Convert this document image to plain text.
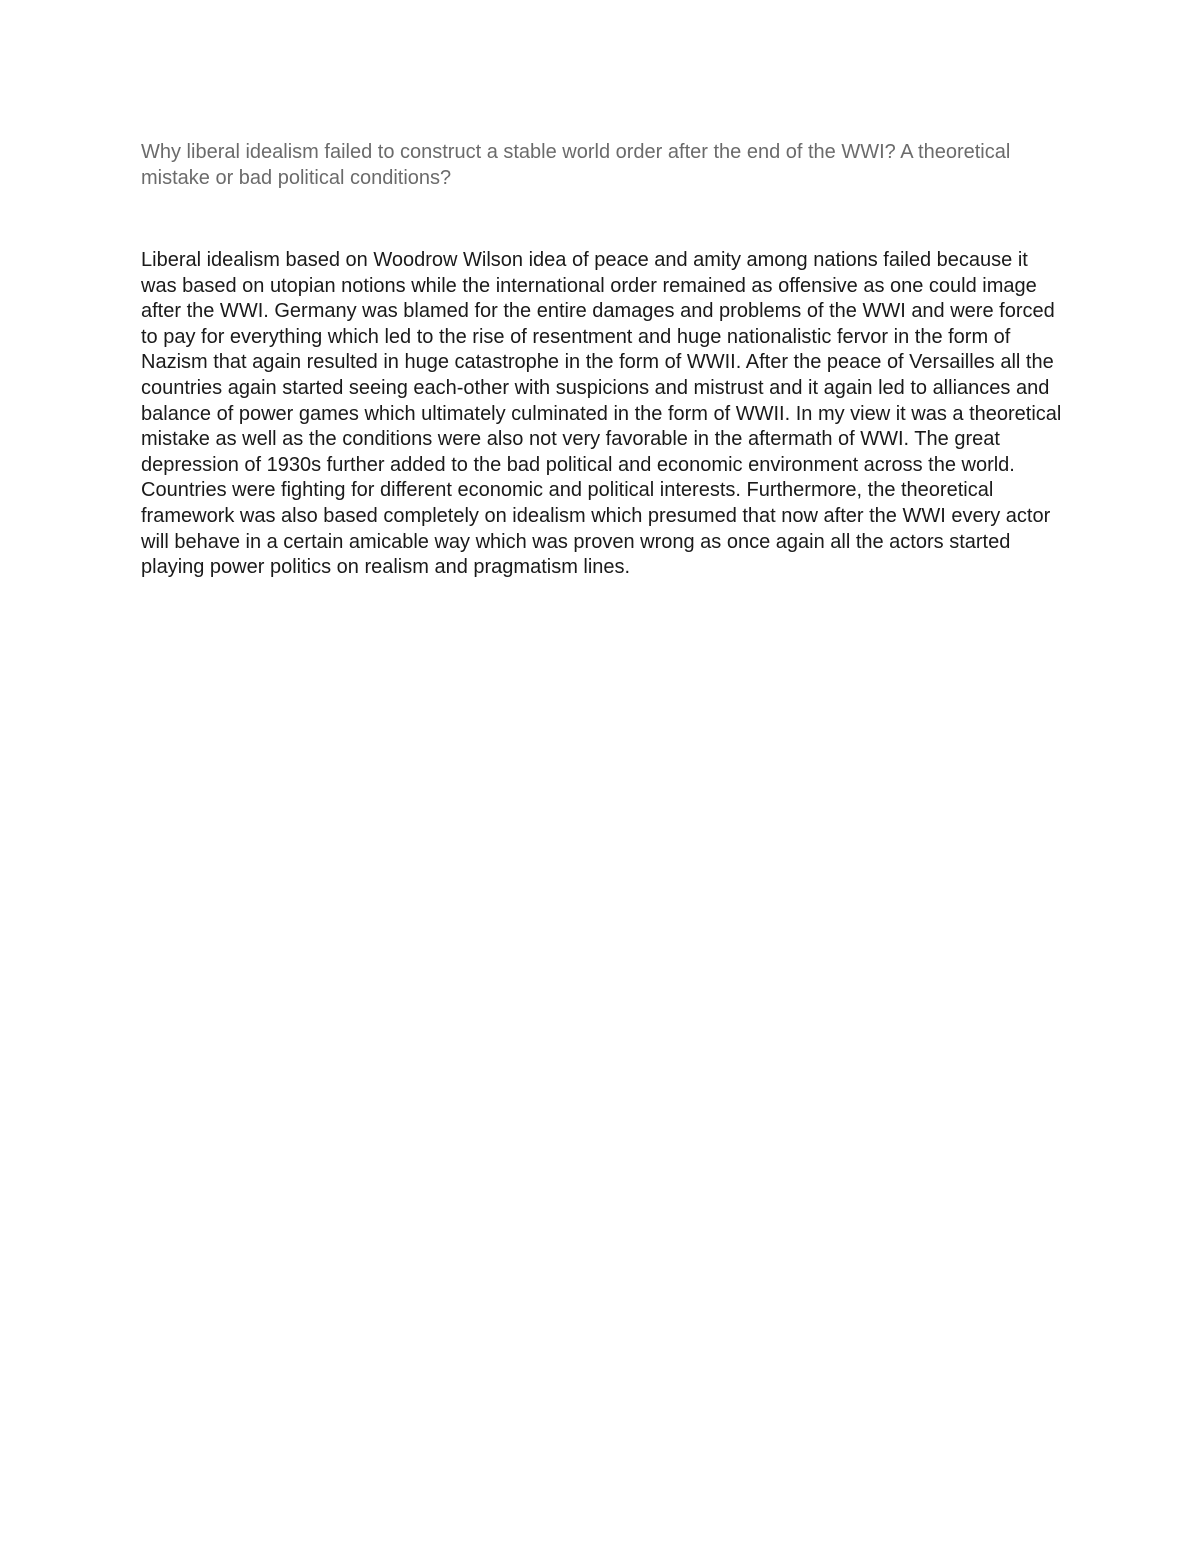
Why liberal idealism failed to construct a stable world order after the end of the WWI? A theoretical mistake or bad political conditions?

Liberal idealism based on Woodrow Wilson idea of peace and amity among nations failed because it was based on utopian notions while the international order remained as offensive as one could image after the WWI. Germany was blamed for the entire damages and problems of the WWI and were forced to pay for everything which led to the rise of resentment and huge nationalistic fervor in the form of Nazism that again resulted in huge catastrophe in the form of WWII. After the peace of Versailles all the countries again started seeing each-other with suspicions and mistrust and it again led to alliances and balance of power games which ultimately culminated in the form of WWII. In my view it was a theoretical mistake as well as the conditions were also not very favorable in the aftermath of WWI. The great depression of 1930s further added to the bad political and economic environment across the world. Countries were fighting for different economic and political interests. Furthermore, the theoretical framework was also based completely on idealism which presumed that now after the WWI every actor will behave in a certain amicable way which was proven wrong as once again all the actors started playing power politics on realism and pragmatism lines.
